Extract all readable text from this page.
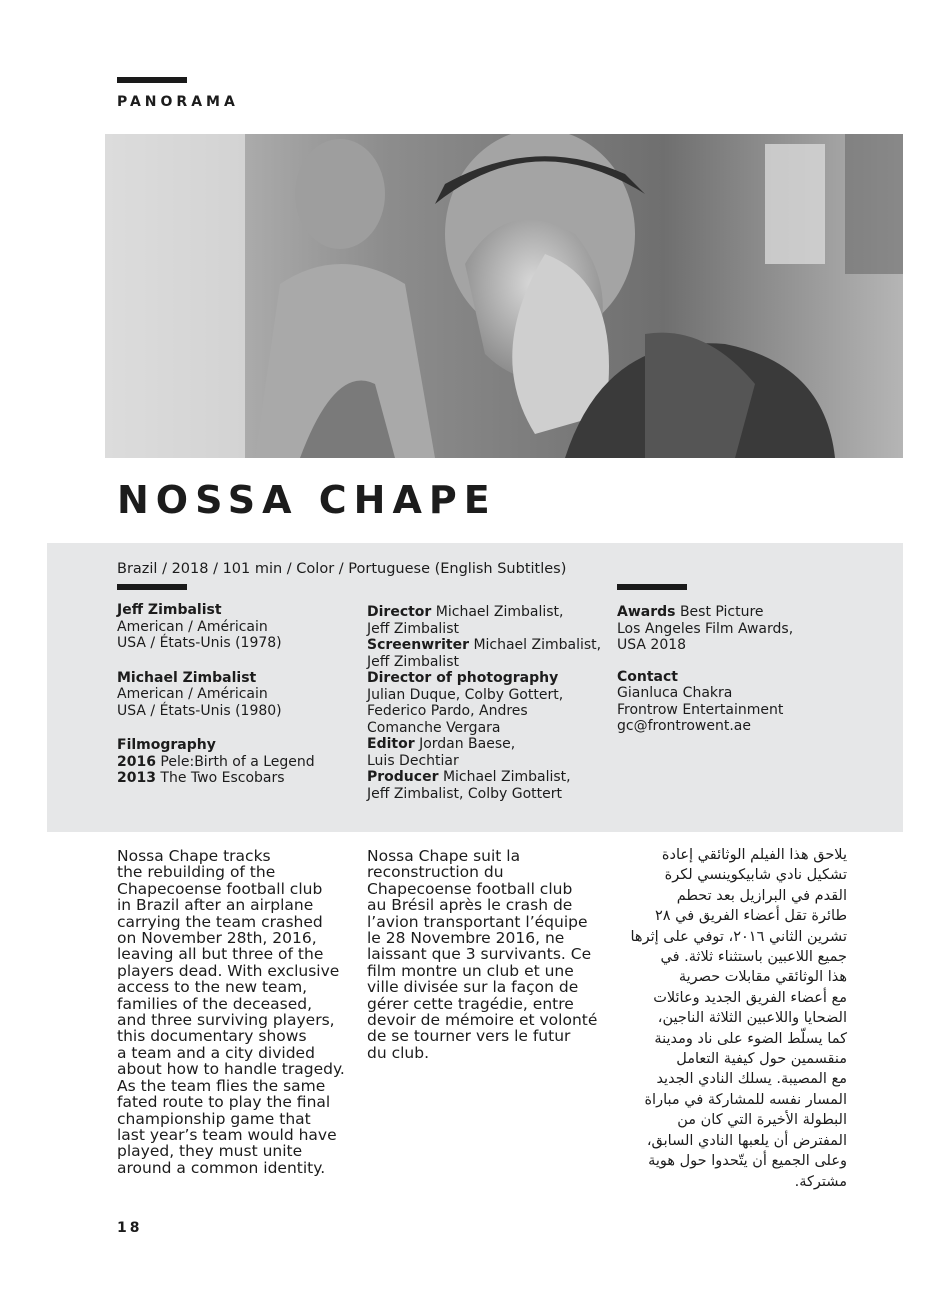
PANORAMA
NOSSA CHAPE
Brazil / 2018 / 101 min / Color / Portuguese (English Subtitles)
Jeff Zimbalist
American / Américain
USA / États-Unis (1978)
Michael Zimbalist
American / Américain
USA / États-Unis (1980)
Filmography
2016 Pele:Birth of a Legend
2013 The Two Escobars
Director Michael Zimbalist,
Jeff Zimbalist
Screenwriter Michael Zimbalist,
Jeff Zimbalist
Director of photography
Julian Duque, Colby Gottert,
Federico Pardo, Andres
Comanche Vergara
Editor Jordan Baese,
Luis Dechtiar
Producer Michael Zimbalist,
Jeff Zimbalist, Colby Gottert
Awards Best Picture
Los Angeles Film Awards,
USA 2018
Contact
Gianluca Chakra
Frontrow Entertainment
gc@frontrowent.ae
Nossa Chape tracks
the rebuilding of the
Chapecoense football club
in Brazil after an airplane
carrying the team crashed
on November 28th, 2016,
leaving all but three of the
players dead. With exclusive
access to the new team,
families of the deceased,
and three surviving players,
this documentary shows
a team and a city divided
about how to handle tragedy.
As the team flies the same
fated route to play the final
championship game that
last year’s team would have
played, they must unite
around a common identity.
Nossa Chape suit la
reconstruction du
Chapecoense football club
au Brésil après le crash de
l’avion transportant l’équipe
le 28 Novembre 2016, ne
laissant que 3 survivants. Ce
film montre un club et une
ville divisée sur la façon de
gérer cette tragédie, entre
devoir de mémoire et volonté
de se tourner vers le futur
du club.
يلاحق هذا الفيلم الوثائقي إعادة
تشكيل نادي شابيكوينسي لكرة
القدم في البرازيل بعد تحطم
طائرة تقل أعضاء الفريق في ٢٨
تشرين الثاني ٢٠١٦، توفي على إثرها
جميع اللاعبين باستثناء ثلاثة. في
هذا الوثائقي مقابلات حصرية
مع أعضاء الفريق الجديد وعائلات
الضحايا واللاعبين الثلاثة الناجين،
كما يسلّط الضوء على ناد ومدينة
منقسمين حول كيفية التعامل
مع المصيبة. يسلك النادي الجديد
المسار نفسه للمشاركة في مباراة
البطولة الأخيرة التي كان من
المفترض أن يلعبها النادي السابق،
وعلى الجميع أن يتّحدوا حول هوية
مشتركة.
18
